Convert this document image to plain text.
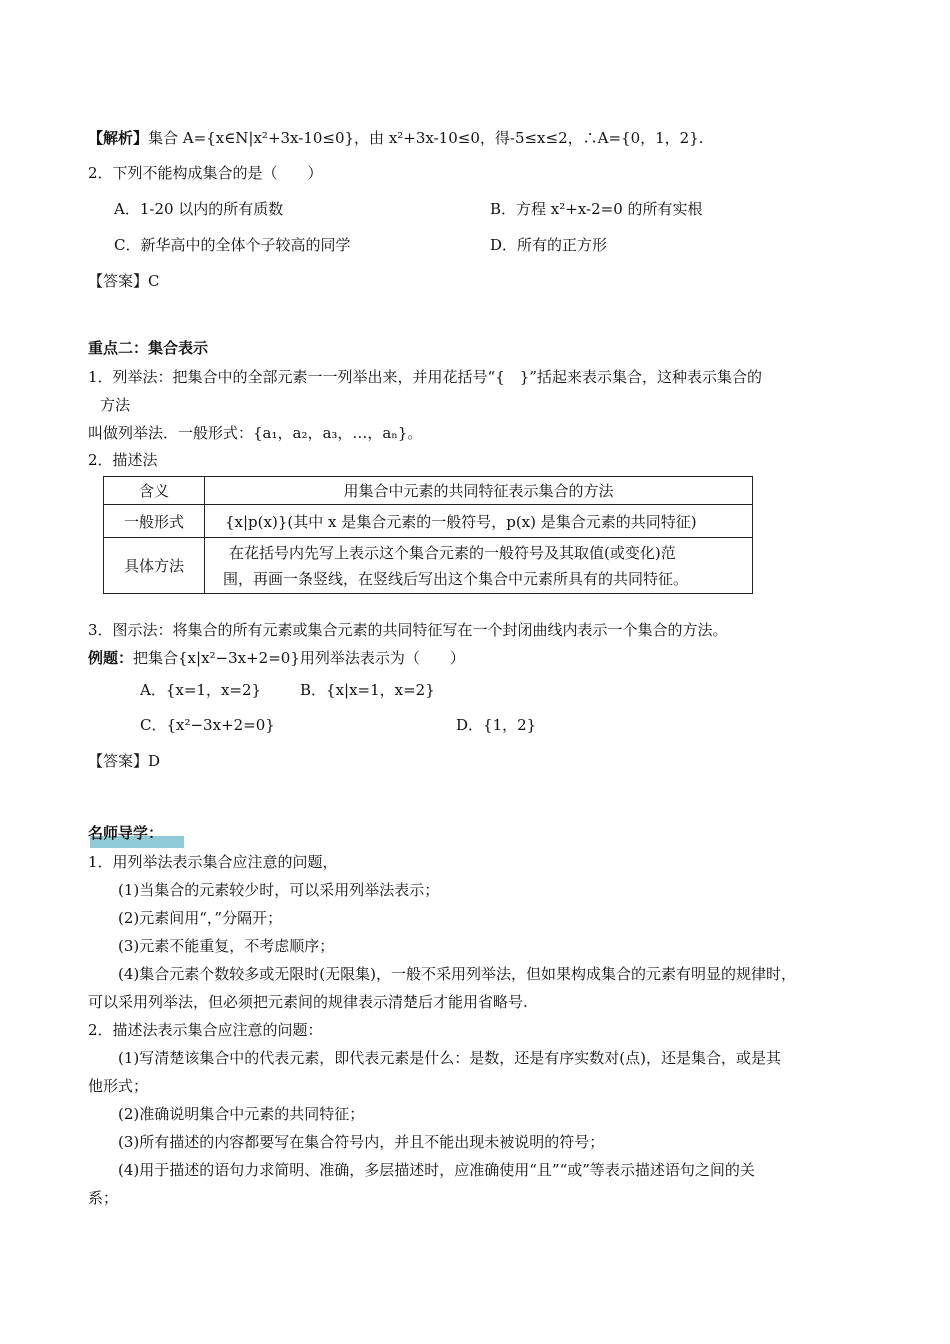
【解析】集合 A={x∈N|x²+3x-10≤0}，由 x²+3x-10≤0，得-5≤x≤2，∴A={0，1，2}.
2．下列不能构成集合的是（　　）
A．1-20 以内的所有质数	B．方程 x²+x-2=0 的所有实根
C．新华高中的全体个子较高的同学	D．所有的正方形
【答案】C
重点二：集合表示
1．列举法：把集合中的全部元素一一列举出来，并用花括号“{　}”括起来表示集合，这种表示集合的
方法
叫做列举法．一般形式：{a₁，a₂，a₃，…，aₙ}。
2．描述法
含义	用集合中元素的共同特征表示集合的方法
一般形式	{x|p(x)}(其中 x 是集合元素的一般符号，p(x) 是集合元素的共同特征)
具体方法	在花括号内先写上表示这个集合元素的一般符号及其取值(或变化)范
围，再画一条竖线，在竖线后写出这个集合中元素所具有的共同特征。
3．图示法：将集合的所有元素或集合元素的共同特征写在一个封闭曲线内表示一个集合的方法。
例题：把集合{x|x²−3x+2=0}用列举法表示为（　　）
A．{x=1，x=2}	B．{x|x=1，x=2}
C．{x²−3x+2=0}	D．{1，2}
【答案】D
名师导学：
1．用列举法表示集合应注意的问题，
(1)当集合的元素较少时，可以采用列举法表示；
(2)元素间用“，”分隔开；
(3)元素不能重复，不考虑顺序；
(4)集合元素个数较多或无限时(无限集)，一般不采用列举法，但如果构成集合的元素有明显的规律时，
可以采用列举法，但必须把元素间的规律表示清楚后才能用省略号.
2．描述法表示集合应注意的问题：
(1)写清楚该集合中的代表元素，即代表元素是什么：是数，还是有序实数对(点)，还是集合，或是其
他形式；
(2)准确说明集合中元素的共同特征；
(3)所有描述的内容都要写在集合符号内，并且不能出现未被说明的符号；
(4)用于描述的语句力求简明、准确，多层描述时，应准确使用“且”“或”等表示描述语句之间的关
系；
